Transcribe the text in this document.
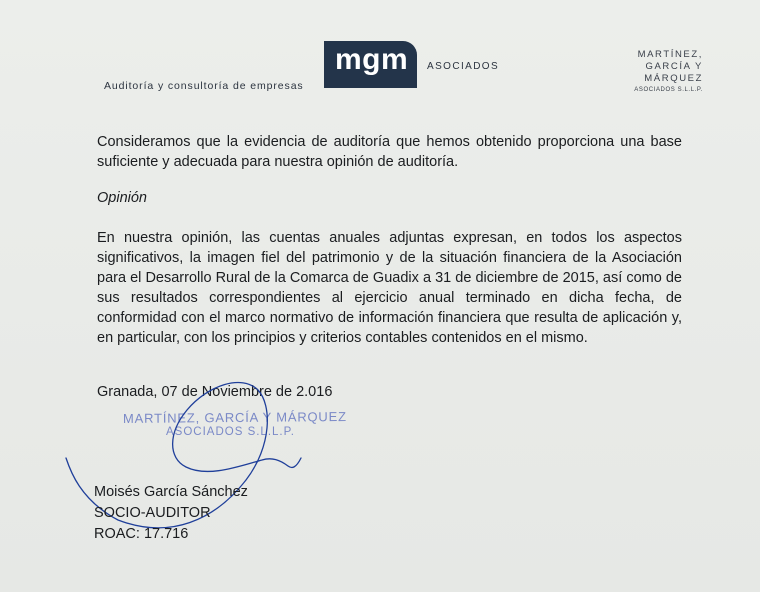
Auditoría y consultoría de empresas
mgm ASOCIADOS
MARTÍNEZ,
GARCÍA Y
MÁRQUEZ
ASOCIADOS S.L.L.P.
Consideramos que la evidencia de auditoría que hemos obtenido proporciona una base suficiente y adecuada para nuestra opinión de auditoría.
Opinión
En nuestra opinión, las cuentas anuales adjuntas expresan, en todos los aspectos significativos, la imagen fiel del patrimonio y de la situación financiera de la Asociación para el Desarrollo Rural de la Comarca de Guadix a 31 de diciembre de 2015, así como de sus resultados correspondientes al ejercicio anual terminado en dicha fecha, de conformidad con el marco normativo de información financiera que resulta de aplicación y, en particular, con los principios y criterios contables contenidos en el mismo.
Granada, 07 de Noviembre de 2.016
MARTÍNEZ, GARCÍA Y MÁRQUEZ
ASOCIADOS S.L.L.P.
Moisés García Sánchez
SOCIO-AUDITOR
ROAC: 17.716
